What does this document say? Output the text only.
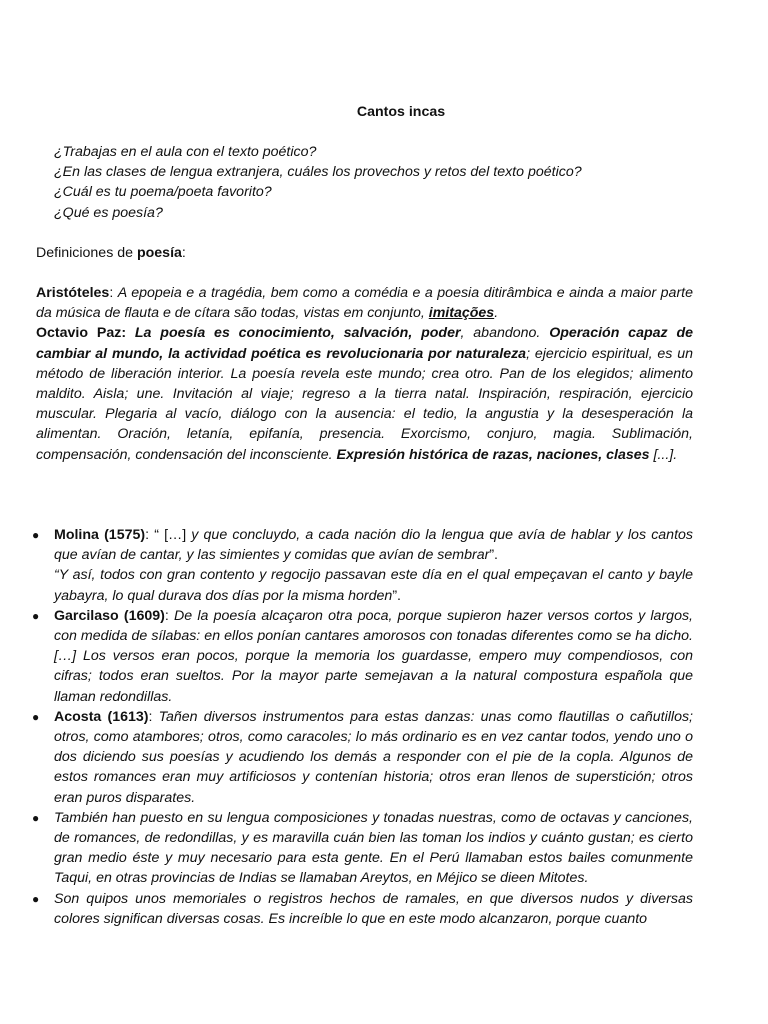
Cantos incas
¿Trabajas en el aula con el texto poético?
¿En las clases de lengua extranjera, cuáles los provechos y retos del texto poético?
¿Cuál es tu poema/poeta favorito?
¿Qué es poesía?
Definiciones de poesía:

Aristóteles: A epopeia e a tragédia, bem como a comédia e a poesia ditirâmbica e ainda a maior parte da música de flauta e de cítara são todas, vistas em conjunto, imitações.

Octavio Paz: La poesía es conocimiento, salvación, poder, abandono. Operación capaz de cambiar al mundo, la actividad poética es revolucionaria por naturaleza; ejercicio espiritual, es un método de liberación interior. La poesía revela este mundo; crea otro. Pan de los elegidos; alimento maldito. Aisla; une. Invitación al viaje; regreso a la tierra natal. Inspiración, respiración, ejercicio muscular. Plegaria al vacío, diálogo con la ausencia: el tedio, la angustia y la desesperación la alimentan. Oración, letanía, epifanía, presencia. Exorcismo, conjuro, magia. Sublimación, compensación, condensación del inconsciente. Expresión histórica de razas, naciones, clases [...].

● Molina (1575): “ […] y que concluydo, a cada nación dio la lengua que avía de hablar y los cantos que avían de cantar, y las simientes y comidas que avían de sembrar”.
“Y así, todos con gran contento y regocijo passavan este día en el qual empeçavan el canto y bayle yabayra, lo qual durava dos días por la misma horden”.
● Garcilaso (1609): De la poesía alcaçaron otra poca, porque supieron hazer versos cortos y largos, con medida de sílabas: en ellos ponían cantares amorosos con tonadas diferentes como se ha dicho. […] Los versos eran pocos, porque la memoria los guardasse, empero muy compendiosos, con cifras; todos eran sueltos. Por la mayor parte semejavan a la natural compostura española que llaman redondillas.
● Acosta (1613): Tañen diversos instrumentos para estas danzas: unas como flautillas o cañutillos; otros, como atambores; otros, como caracoles; lo más ordinario es en vez cantar todos, yendo uno o dos diciendo sus poesías y acudiendo los demás a responder con el pie de la copla. Algunos de estos romances eran muy artificiosos y contenían historia; otros eran llenos de superstición; otros eran puros disparates.
● También han puesto en su lengua composiciones y tonadas nuestras, como de octavas y canciones, de romances, de redondillas, y es maravilla cuán bien las toman los indios y cuánto gustan; es cierto gran medio éste y muy necesario para esta gente. En el Perú llamaban estos bailes comunmente Taqui, en otras provincias de Indias se llamaban Areytos, en Méjico se dieen Mitotes.
● Son quipos unos memoriales o registros hechos de ramales, en que diversos nudos y diversas colores significan diversas cosas. Es increíble lo que en este modo alcanzaron, porque cuanto
